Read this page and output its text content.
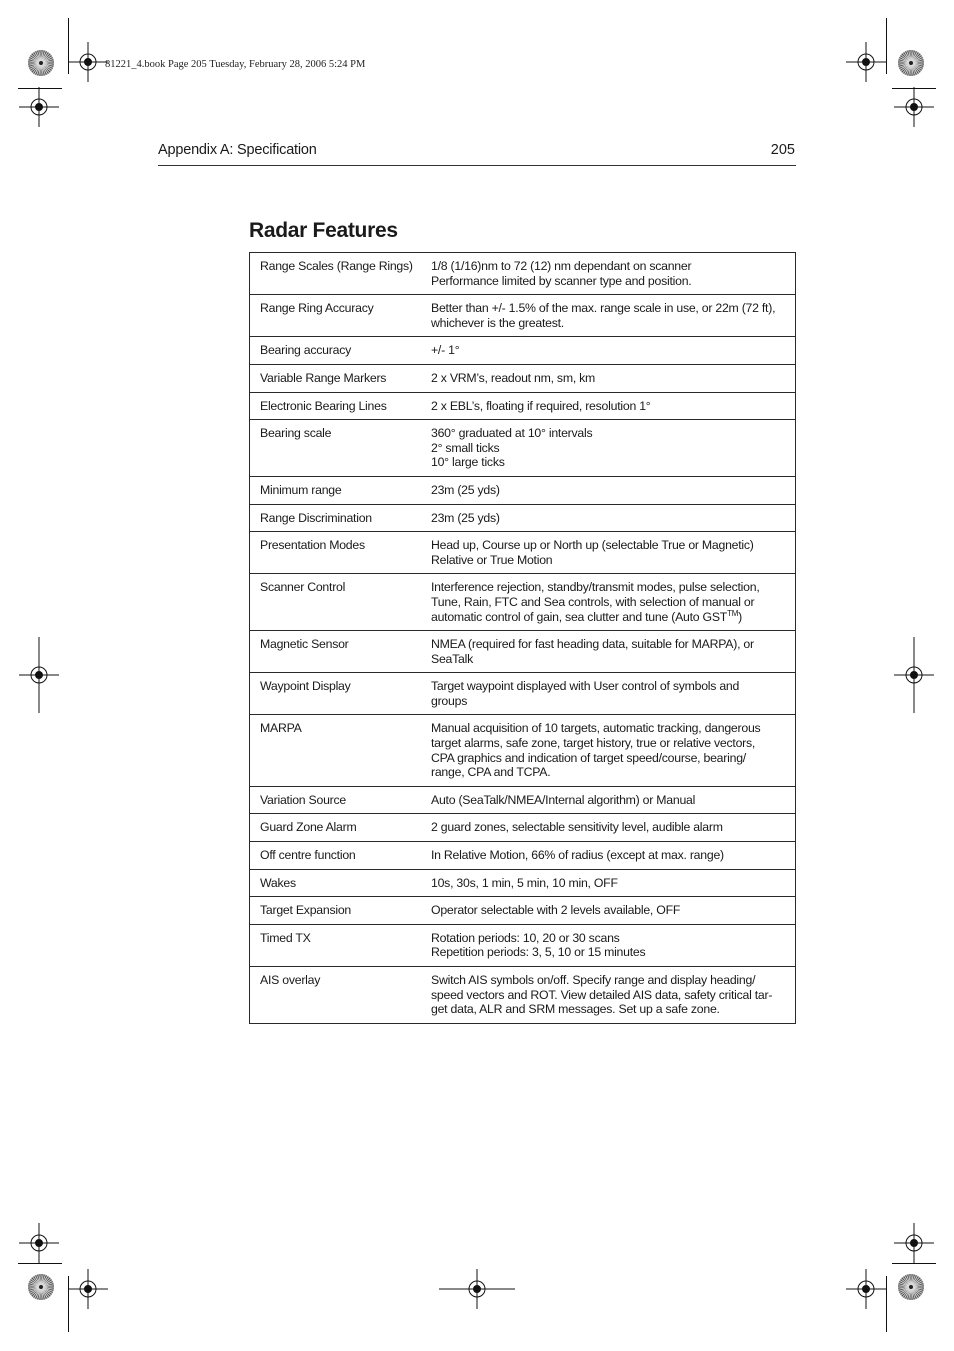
81221_4.book Page 205 Tuesday, February 28, 2006 5:24 PM
Appendix A: Specification	205
Radar Features
Range Scales (Range Rings)	1/8 (1/16)nm to 72 (12) nm dependant on scanner
Performance limited by scanner type and position.

Range Ring Accuracy	Better than +/- 1.5% of the max. range scale in use, or 22m (72 ft),
whichever is the greatest.

Bearing accuracy	+/- 1°

Variable Range Markers	2 x VRM’s, readout nm, sm, km

Electronic Bearing Lines	2 x EBL’s, floating if required, resolution 1°

Bearing scale	360° graduated at 10° intervals
2° small ticks
10° large ticks

Minimum range	23m (25 yds)

Range Discrimination	23m (25 yds)

Presentation Modes	Head up, Course up or North up (selectable True or Magnetic)
Relative or True Motion

Scanner Control	Interference rejection, standby/transmit modes, pulse selection,
Tune, Rain, FTC and Sea controls, with selection of manual or
automatic control of gain, sea clutter and tune (Auto GST™)

Magnetic Sensor	NMEA (required for fast heading data, suitable for MARPA), or
SeaTalk

Waypoint Display	Target waypoint displayed with User control of symbols and
groups

MARPA	Manual acquisition of 10 targets, automatic tracking, dangerous
target alarms, safe zone, target history, true or relative vectors,
CPA graphics and indication of target speed/course, bearing/
range, CPA and TCPA.

Variation Source	Auto (SeaTalk/NMEA/Internal algorithm) or Manual

Guard Zone Alarm	2 guard zones, selectable sensitivity level, audible alarm

Off centre function	In Relative Motion, 66% of radius (except at max. range)

Wakes	10s, 30s, 1 min, 5 min, 10 min, OFF

Target Expansion	Operator selectable with 2 levels available, OFF

Timed TX	Rotation periods: 10, 20 or 30 scans
Repetition periods: 3, 5, 10 or 15 minutes

AIS overlay	Switch AIS symbols on/off. Specify range and display heading/
speed vectors and ROT. View detailed AIS data, safety critical tar-
get data, ALR and SRM messages. Set up a safe zone.
